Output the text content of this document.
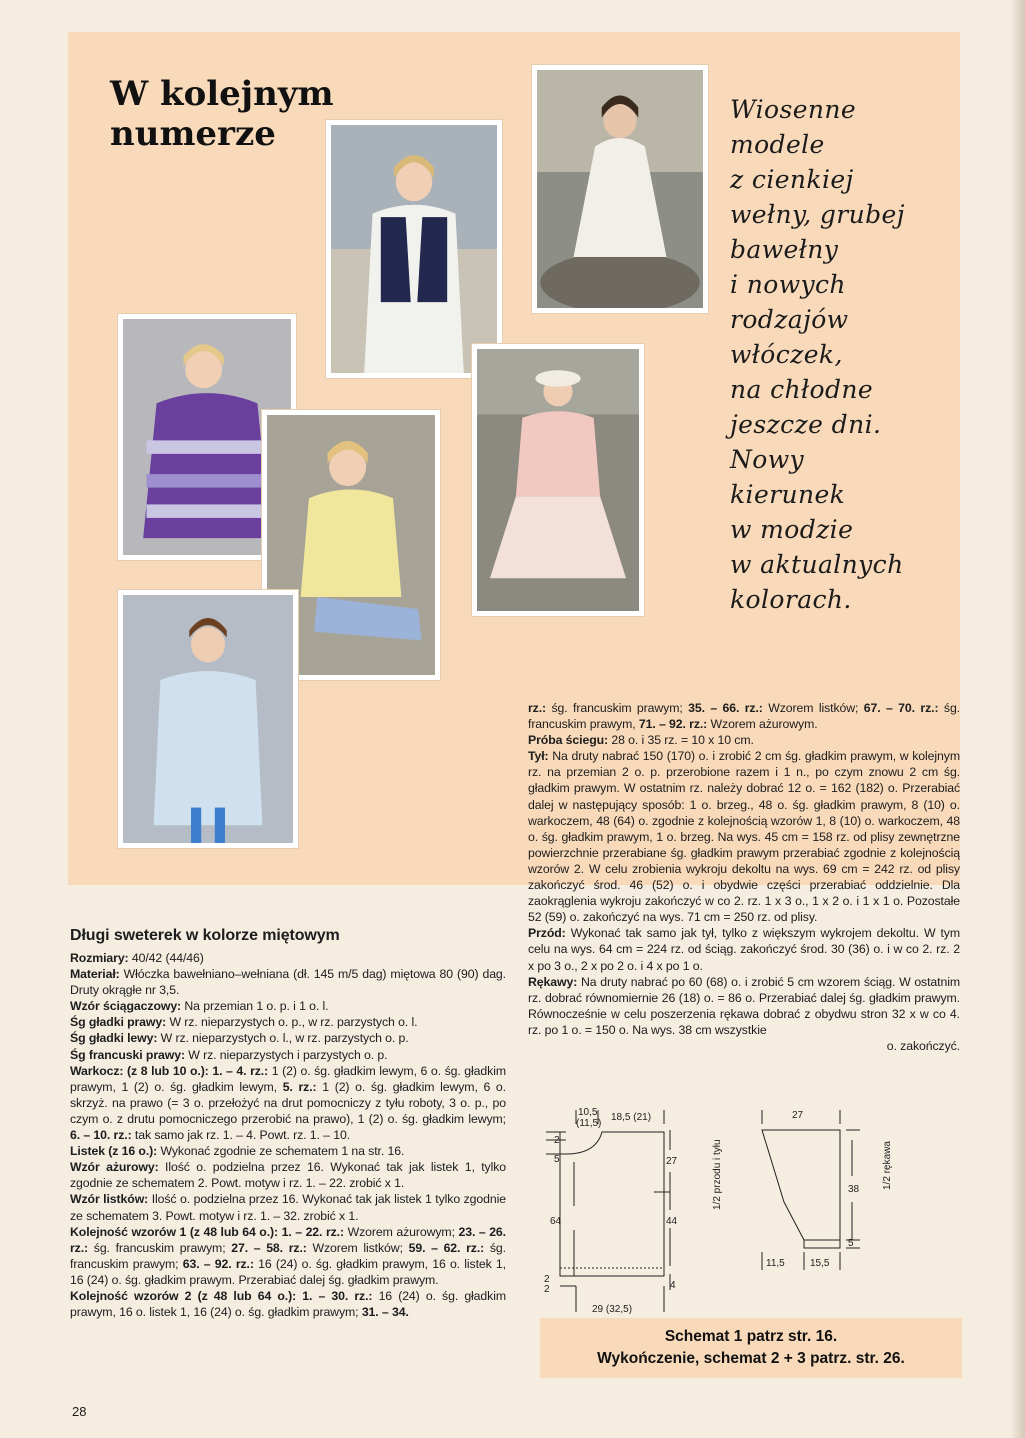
W kolejnym
numerze
Wiosenne
modele
z cienkiej
wełny, grubej
bawełny
i nowych
rodzajów
włóczek,
na chłodne
jeszcze dni.
Nowy
kierunek
w modzie
w aktualnych
kolorach.

Długi sweterek w kolorze miętowym

Rozmiary: 40/42 (44/46)

Materiał: Włóczka bawełniano–wełniana (dł. 145 m/5 dag) miętowa 80 (90) dag. Druty okrągłe nr 3,5.

Wzór ściągaczowy: Na przemian 1 o. p. i 1 o. l.

Śg gładki prawy: W rz. nieparzystych o. p., w rz. parzystych o. l.

Śg gładki lewy: W rz. nieparzystych o. l., w rz. parzystych o. p.

Śg francuski prawy: W rz. nieparzystych i parzystych o. p.

Warkocz: (z 8 lub 10 o.): 1. – 4. rz.: 1 (2) o. śg. gładkim lewym, 6 o. śg. gładkim prawym, 1 (2) o. śg. gładkim lewym, 5. rz.: 1 (2) o. śg. gładkim lewym, 6 o. skrzyż. na prawo (= 3 o. przełożyć na drut pomocniczy z tyłu roboty, 3 o. p., po czym o. z drutu pomocniczego przerobić na prawo), 1 (2) o. śg. gładkim lewym; 6. – 10. rz.: tak samo jak rz. 1. – 4. Powt. rz. 1. – 10.

Listek (z 16 o.): Wykonać zgodnie ze schematem 1 na str. 16.

Wzór ażurowy: Ilość o. podzielna przez 16. Wykonać tak jak listek 1, tylko zgodnie ze schematem 2. Powt. motyw i rz. 1. – 22. zrobić x 1.

Wzór listków: Ilość o. podzielna przez 16. Wykonać tak jak listek 1 tylko zgodnie ze schematem 3. Powt. motyw i rz. 1. – 32. zrobić x 1.

Kolejność wzorów 1 (z 48 lub 64 o.): 1. – 22. rz.: Wzorem ażurowym; 23. – 26. rz.: śg. francuskim prawym; 27. – 58. rz.: Wzorem listków; 59. – 62. rz.: śg. francuskim prawym; 63. – 92. rz.: 16 (24) o. śg. gładkim prawym, 16 o. listek 1, 16 (24) o. śg. gładkim prawym. Przerabiać dalej śg. gładkim prawym.

Kolejność wzorów 2 (z 48 lub 64 o.): 1. – 30. rz.: 16 (24) o. śg. gładkim prawym, 16 o. listek 1, 16 (24) o. śg. gładkim prawym; 31. – 34.

rz.: śg. francuskim prawym; 35. – 66. rz.: Wzorem listków; 67. – 70. rz.: śg. francuskim prawym, 71. – 92. rz.: Wzorem ażurowym.

Próba ściegu: 28 o. i 35 rz. = 10 x 10 cm.

Tył: Na druty nabrać 150 (170) o. i zrobić 2 cm śg. gładkim prawym, w kolejnym rz. na przemian 2 o. p. przerobione razem i 1 n., po czym znowu 2 cm śg. gładkim prawym. W ostatnim rz. należy dobrać 12 o. = 162 (182) o. Przerabiać dalej w następujący sposób: 1 o. brzeg., 48 o. śg. gładkim prawym, 8 (10) o. warkoczem, 48 (64) o. zgodnie z kolejnością wzorów 1, 8 (10) o. warkoczem, 48 o. śg. gładkim prawym, 1 o. brzeg. Na wys. 45 cm = 158 rz. od plisy zewnętrzne powierzchnie przerabiane śg. gładkim prawym przerabiać zgodnie z kolejnością wzorów 2. W celu zrobienia wykroju dekoltu na wys. 69 cm = 242 rz. od plisy zakończyć środ. 46 (52) o. i obydwie części przerabiać oddzielnie. Dla zaokrąglenia wykroju zakończyć w co 2. rz. 1 x 3 o., 1 x 2 o. i 1 x 1 o. Pozostałe 52 (59) o. zakończyć na wys. 71 cm = 250 rz. od plisy.

Przód: Wykonać tak samo jak tył, tylko z większym wykrojem dekoltu. W tym celu na wys. 64 cm = 224 rz. od ściąg. zakończyć środ. 30 (36) o. i w co 2. rz. 2 x po 3 o., 2 x po 2 o. i 4 x po 1 o.

Rękawy: Na druty nabrać po 60 (68) o. i zrobić 5 cm wzorem ściąg. W ostatnim rz. dobrać równomiernie 26 (18) o. = 86 o. Przerabiać dalej śg. gładkim prawym. Równocześnie w celu poszerzenia rękawa dobrać z obydwu stron 32 x w co 4. rz. po 1 o. = 150 o. Na wys. 38 cm wszystkie

o. zakończyć.

10,5
(11,5)
18,5 (21)
2
5	27
64	44
2
2	4
29 (32,5)
1/2 przodu i tyłu
27
38
5
11,5	15,5
1/2 rękawa
Schemat 1 patrz str. 16.
Wykończenie, schemat 2 + 3 patrz. str. 26.
28
